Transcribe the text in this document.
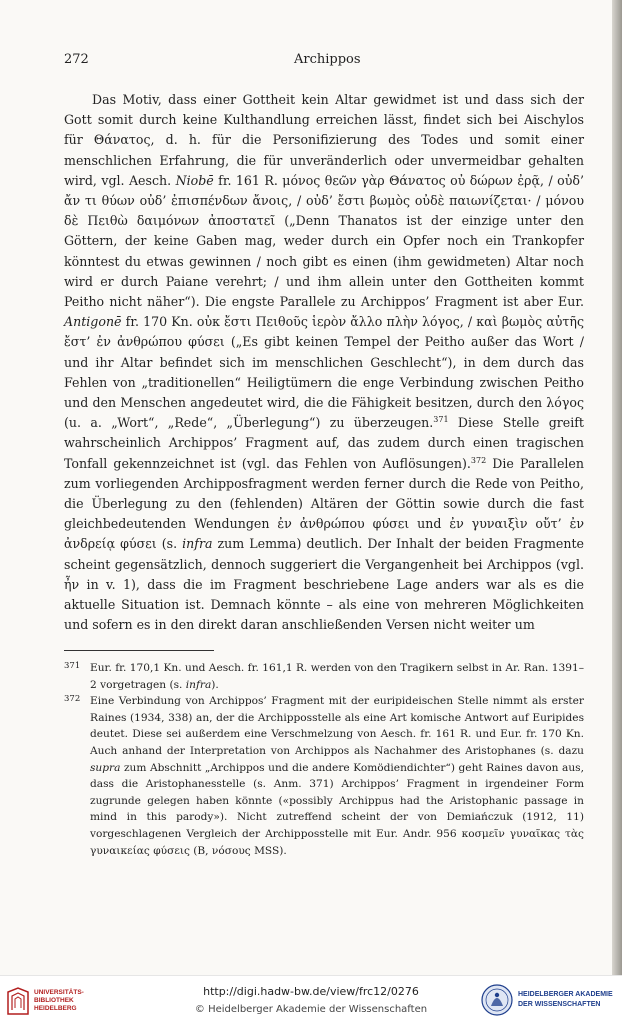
272	Archippos

Das Motiv, dass einer Gottheit kein Altar gewidmet ist und dass sich der Gott somit durch keine Kulthandlung erreichen lässt, findet sich bei Aischylos für Θάνατος, d. h. für die Personifizierung des Todes und somit einer menschlichen Erfahrung, die für unveränderlich oder unvermeidbar gehalten wird, vgl. Aesch. Niobē fr. 161 R. μόνος θεῶν γὰρ Θάνατος οὐ δώρων ἐρᾷ, / οὐδ’ ἄν τι θύων οὐδ’ ἐπισπένδων ἄνοις, / οὐδ’ ἔστι βωμὸς οὐδὲ παιωνίζεται· / μόνου δὲ Πειθὼ δαιμόνων ἀποστατεῖ („Denn Thanatos ist der einzige unter den Göttern, der keine Gaben mag, weder durch ein Opfer noch ein Trankopfer könntest du etwas gewinnen / noch gibt es einen (ihm gewidmeten) Altar noch wird er durch Paiane verehrt; / und ihm allein unter den Gottheiten kommt Peitho nicht näher“). Die engste Parallele zu Archippos’ Fragment ist aber Eur. Antigonē fr. 170 Kn. οὐκ ἔστι Πειθοῦς ἱερὸν ἄλλο πλὴν λόγος, / καὶ βωμὸς αὐτῆς ἔστ’ ἐν ἀνθρώπου φύσει („Es gibt keinen Tempel der Peitho außer das Wort / und ihr Altar befindet sich im menschlichen Geschlecht“), in dem durch das Fehlen von „traditionellen“ Heiligtümern die enge Verbindung zwischen Peitho und den Menschen angedeutet wird, die die Fähigkeit besitzen, durch den λόγος (u. a. „Wort“, „Rede“, „Überlegung“) zu überzeugen.$^{371}$ Diese Stelle greift wahrscheinlich Archippos’ Fragment auf, das zudem durch einen tragischen Tonfall gekennzeichnet ist (vgl. das Fehlen von Auflösungen).$^{372}$ Die Parallelen zum vorliegenden Archipposfragment werden ferner durch die Rede von Peitho, die Überlegung zu den (fehlenden) Altären der Göttin sowie durch die fast gleichbedeutenden Wendungen ἐν ἀνθρώπου φύσει und ἐν γυναιξὶν οὔτ’ ἐν ἀνδρείᾳ φύσει (s. infra zum Lemma) deutlich. Der Inhalt der beiden Fragmente scheint gegensätzlich, dennoch suggeriert die Vergangenheit bei Archippos (vgl. ἦν in v. 1), dass die im Fragment beschriebene Lage anders war als es die aktuelle Situation ist. Demnach könnte – als eine von mehreren Möglichkeiten und sofern es in den direkt daran anschließenden Versen nicht weiter um

371 Eur. fr. 170,1 Kn. und Aesch. fr. 161,1 R. werden von den Tragikern selbst in Ar. Ran. 1391–2 vorgetragen (s. infra).

372 Eine Verbindung von Archippos’ Fragment mit der euripideischen Stelle nimmt als erster Raines (1934, 338) an, der die Archipposstelle als eine Art komische Antwort auf Euripides deutet. Diese sei außerdem eine Verschmelzung von Aesch. fr. 161 R. und Eur. fr. 170 Kn. Auch anhand der Interpretation von Archippos als Nachahmer des Aristophanes (s. dazu supra zum Abschnitt „Archippos und die andere Komödiendichter“) geht Raines davon aus, dass die Aristophanesstelle (s. Anm. 371) Archippos’ Fragment in irgendeiner Form zugrunde gelegen haben könnte («possibly Archippus had the Aristophanic passage in mind in this parody»). Nicht zutreffend scheint der von Demiańczuk (1912, 11) vorgeschlagenen Vergleich der Archipposstelle mit Eur. Andr. 956 κοσμεῖν γυναῖκας τὰς γυναικείας φύσεις (B, νόσους MSS).

UNIVERSITÄTS-
BIBLIOTHEK
HEIDELBERG
http://digi.hadw-bw.de/view/frc12/0276
© Heidelberger Akademie der Wissenschaften
HEIDELBERGER AKADEMIE
DER WISSENSCHAFTEN
